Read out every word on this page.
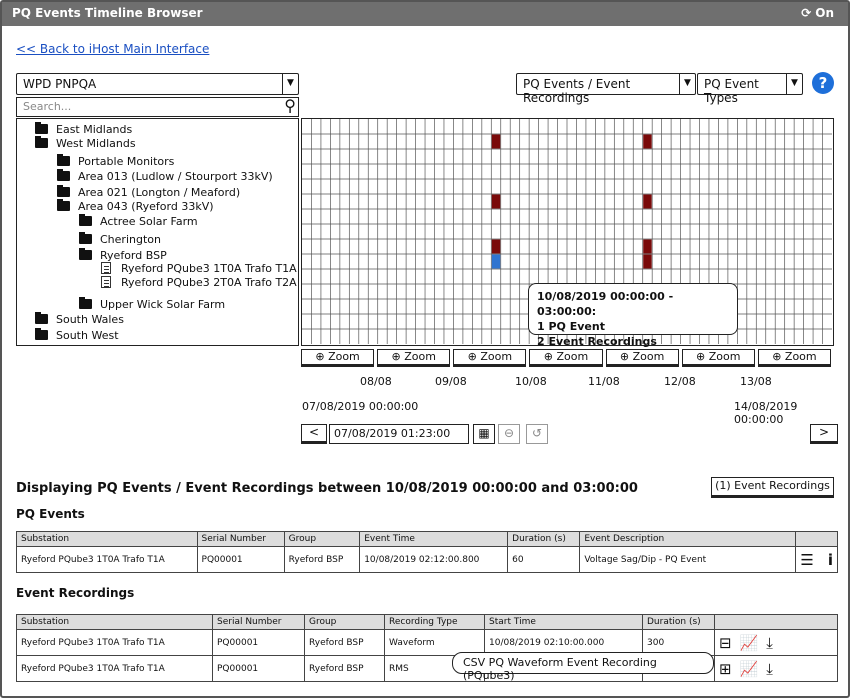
PQ Events Timeline Browser	⟳ On
<< Back to iHost Main Interface
WPD PNPQA	▼
Search...	⚲
East Midlands
West Midlands
Portable Monitors
Area 013 (Ludlow / Stourport 33kV)
Area 021 (Longton / Meaford)
Area 043 (Ryeford 33kV)
Actree Solar Farm
Cherington
Ryeford BSP
Ryeford PQube3 1T0A Trafo T1A
Ryeford PQube3 2T0A Trafo T2A
Upper Wick Solar Farm
South Wales
South West
PQ Events / Event Recordings
▼	PQ Event Types
▼	?
10/08/2019 00:00:00 - 03:00:00:
1 PQ Event
2 Event Recordings
⊕ Zoom	⊕ Zoom	⊕ Zoom	⊕ Zoom	⊕ Zoom	⊕ Zoom	⊕ Zoom
08/08	09/08	10/08	11/08	12/08	13/08
07/08/2019 00:00:00	14/08/2019 00:00:00
<	07/08/2019 01:23:00	▦	⊖	↺	>
Displaying PQ Events / Event Recordings between 10/08/2019 00:00:00 and 03:00:00	(1) Event Recordings
PQ Events
Substation	Serial Number	Group	Event Time	Duration (s)	Event Description	
Ryeford PQube3 1T0A Trafo T1A	PQ00001	Ryeford BSP	10/08/2019 02:12:00.800	60	Voltage Sag/Dip - PQ Event	☰ i
Event Recordings
Substation	Serial Number	Group	Recording Type	Start Time	Duration (s)	
Ryeford PQube3 1T0A Trafo T1A	PQ00001	Ryeford BSP	Waveform	10/08/2019 02:10:00.000	300	⊟ 📈 ⤓
Ryeford PQube3 1T0A Trafo T1A	PQ00001	Ryeford BSP	RMS			⊞ 📈 ⤓
CSV PQ Waveform Event Recording (PQube3)
